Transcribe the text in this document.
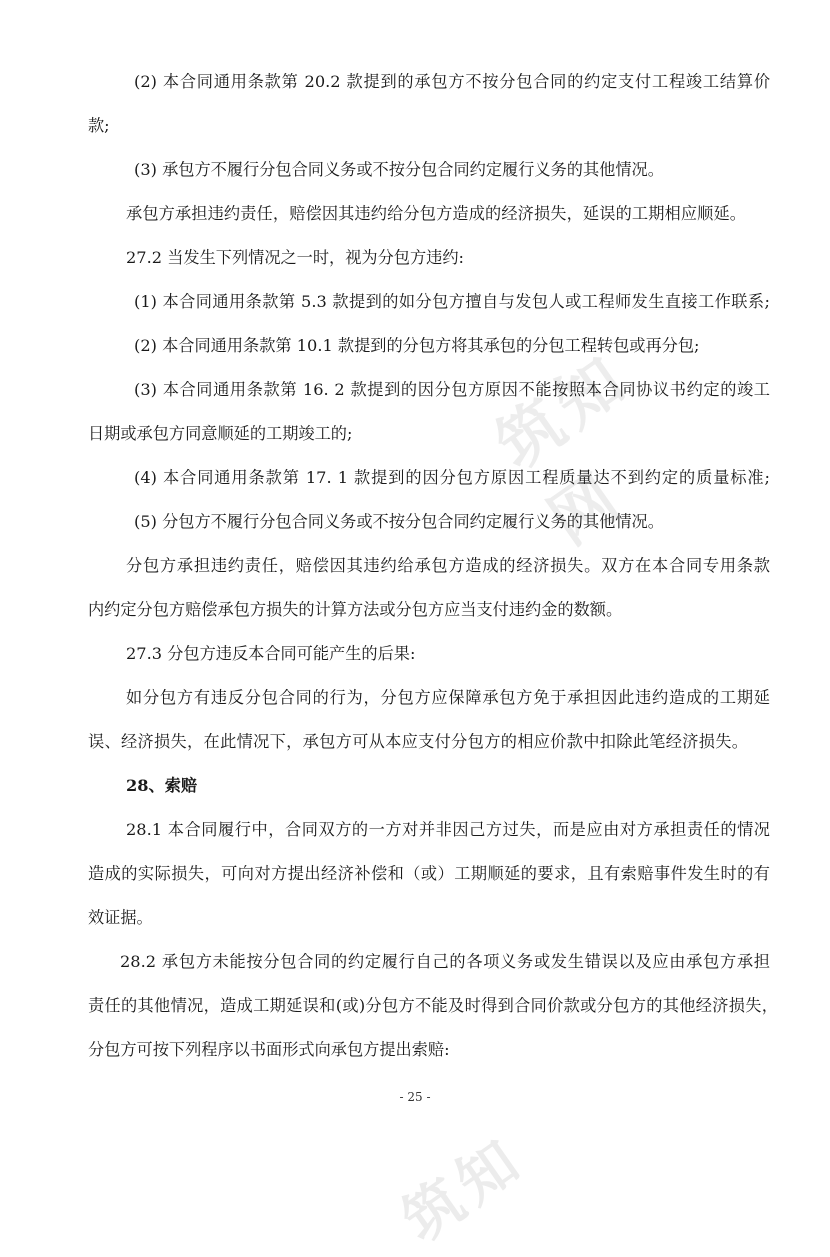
筑知网
筑知
(2) 本合同通用条款第 20.2 款提到的承包方不按分包合同的约定支付工程竣工结算价
款;
(3) 承包方不履行分包合同义务或不按分包合同约定履行义务的其他情况。
承包方承担违约责任，赔偿因其违约给分包方造成的经济损失，延误的工期相应顺延。
27.2 当发生下列情况之一时，视为分包方违约:
(1) 本合同通用条款第 5.3 款提到的如分包方擅自与发包人或工程师发生直接工作联系;
(2) 本合同通用条款第 10.1 款提到的分包方将其承包的分包工程转包或再分包;
(3) 本合同通用条款第 16. 2 款提到的因分包方原因不能按照本合同协议书约定的竣工
日期或承包方同意顺延的工期竣工的;
(4) 本合同通用条款第 17. 1 款提到的因分包方原因工程质量达不到约定的质量标准;
(5) 分包方不履行分包合同义务或不按分包合同约定履行义务的其他情况。
分包方承担违约责任，赔偿因其违约给承包方造成的经济损失。双方在本合同专用条款
内约定分包方赔偿承包方损失的计算方法或分包方应当支付违约金的数额。
27.3 分包方违反本合同可能产生的后果:
如分包方有违反分包合同的行为，分包方应保障承包方免于承担因此违约造成的工期延
误、经济损失，在此情况下，承包方可从本应支付分包方的相应价款中扣除此笔经济损失。
28、索赔
28.1 本合同履行中，合同双方的一方对并非因己方过失，而是应由对方承担责任的情况
造成的实际损失，可向对方提出经济补偿和（或）工期顺延的要求，且有索赔事件发生时的有
效证据。
28.2 承包方未能按分包合同的约定履行自己的各项义务或发生错误以及应由承包方承担
责任的其他情况，造成工期延误和(或)分包方不能及时得到合同价款或分包方的其他经济损失，
分包方可按下列程序以书面形式向承包方提出索赔:
- 25 -
